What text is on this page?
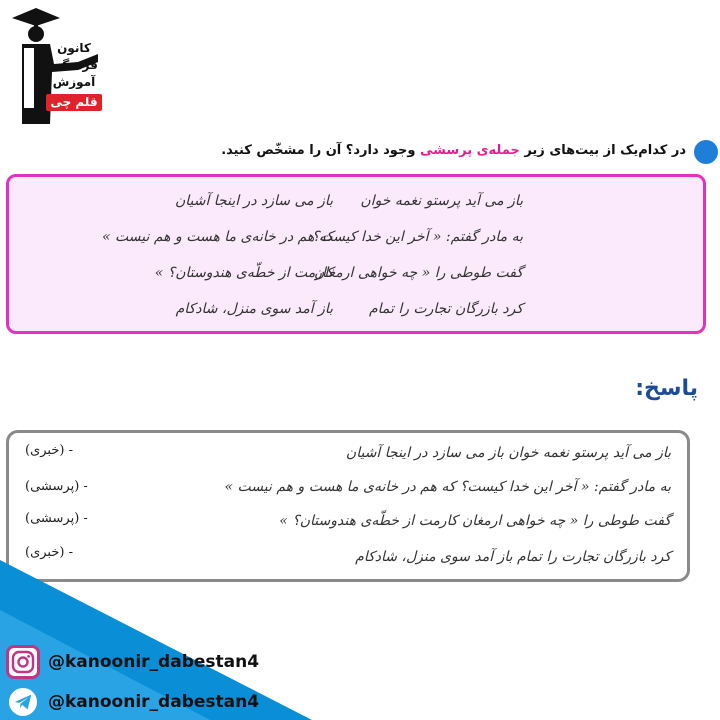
کانون
فرهنگی
آموزش
قلم چی
در کدام‌یک از بیت‌های زیر جمله‌ی پرسشی وجود دارد؟ آن را مشخّص کنید.
باز می آید پرستو نغمه خوان
باز می سازد در اینجا آشیان
به مادر گفتم: « آخر این خدا کیست؟
که هم در خانه‌ی ما هست و هم نیست »
گفت طوطی را « چه خواهی ارمغان
کارمت از خطّه‌ی هندوستان؟ »
کرد بازرگان تجارت را تمام
باز آمد سوی منزل، شادکام
پاسخ:
باز می آید پرستو نغمه خوان باز می سازد در اینجا آشیان
- (خبری)
به مادر گفتم: « آخر این خدا کیست؟ که هم در خانه‌ی ما هست و هم نیست »
- (پرسشی)
گفت طوطی را « چه خواهی ارمغان کارمت از خطّه‌ی هندوستان؟ »
- (پرسشی)
کرد بازرگان تجارت را تمام باز آمد سوی منزل، شادکام
- (خبری)
@kanoonir_dabestan4
@kanoonir_dabestan4
